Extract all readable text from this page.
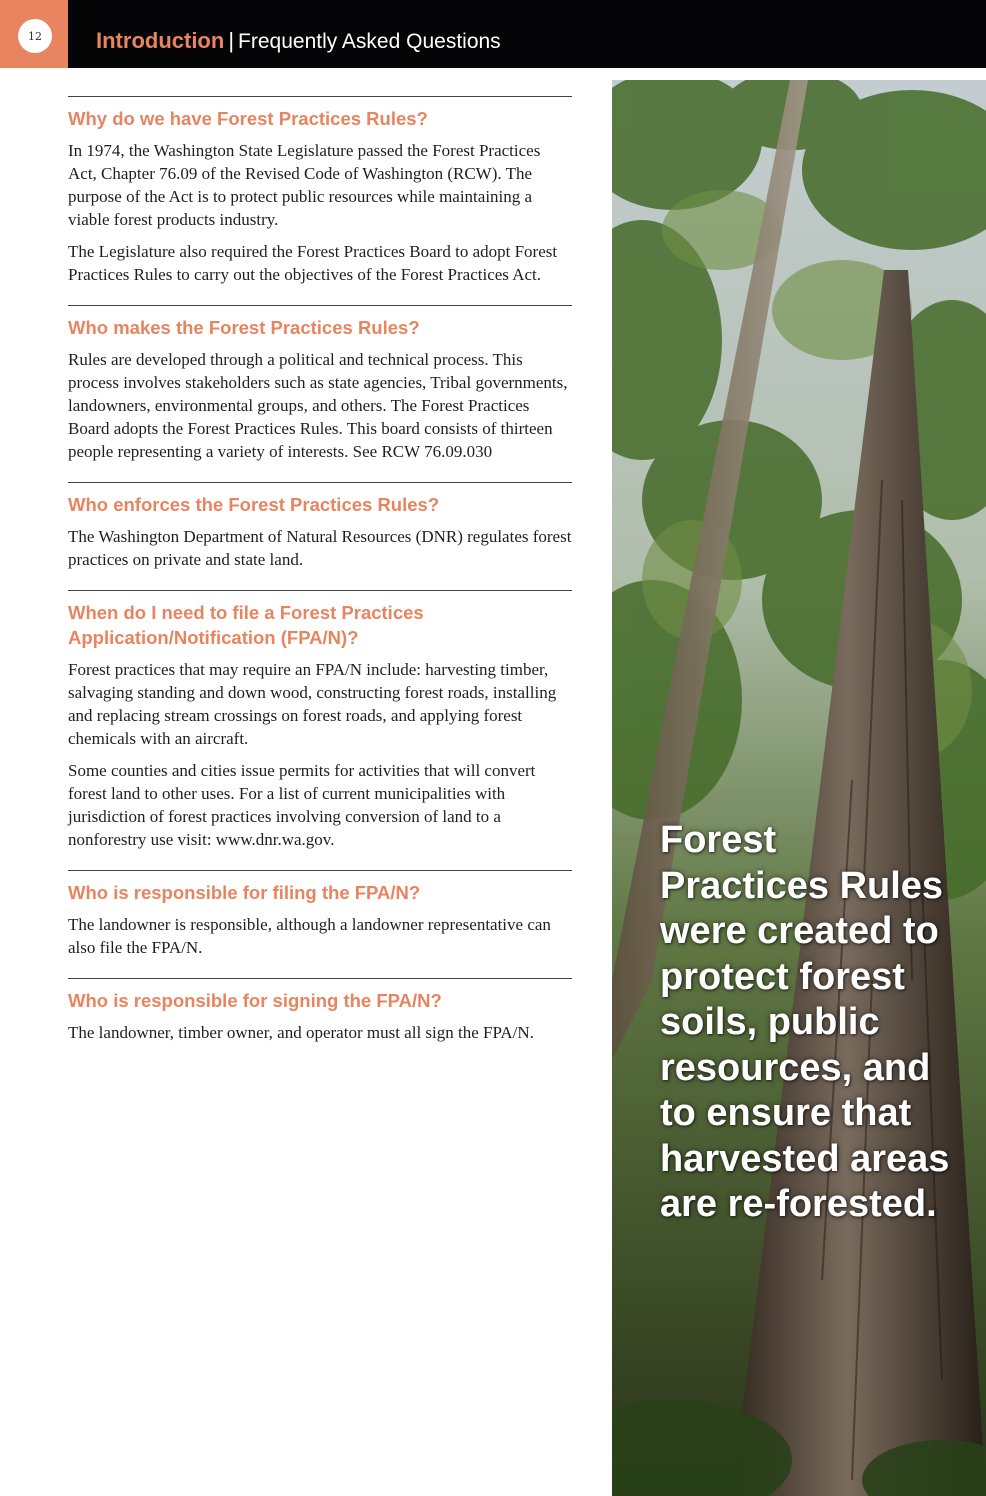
12	Introduction | Frequently Asked Questions
Why do we have Forest Practices Rules?

In 1974, the Washington State Legislature passed the Forest Practices Act, Chapter 76.09 of the Revised Code of Washington (RCW). The purpose of the Act is to protect public resources while maintaining a viable forest products industry.

The Legislature also required the Forest Practices Board to adopt Forest Practices Rules to carry out the objectives of the Forest Practices Act.

Who makes the Forest Practices Rules?

Rules are developed through a political and technical process. This process involves stakeholders such as state agencies, Tribal governments, landowners, environmental groups, and others. The Forest Practices Board adopts the Forest Practices Rules. This board consists of thirteen people representing a variety of interests. See RCW 76.09.030

Who enforces the Forest Practices Rules?

The Washington Department of Natural Resources (DNR) regulates forest practices on private and state land.

When do I need to file a Forest Practices Application/Notification (FPA/N)?

Forest practices that may require an FPA/N include: harvesting timber, salvaging standing and down wood, constructing forest roads, installing and replacing stream crossings on forest roads, and applying forest chemicals with an aircraft.

Some counties and cities issue permits for activities that will convert forest land to other uses. For a list of current municipalities with jurisdiction of forest practices involving conversion of land to a nonforestry use visit: www.dnr.wa.gov.

Who is responsible for filing the FPA/N?

The landowner is responsible, although a landowner representative can also file the FPA/N.

Who is responsible for signing the FPA/N?

The landowner, timber owner, and operator must all sign the FPA/N.

Forest Practices Rules were created to protect forest soils, public resources, and to ensure that harvested areas are re-forested.
